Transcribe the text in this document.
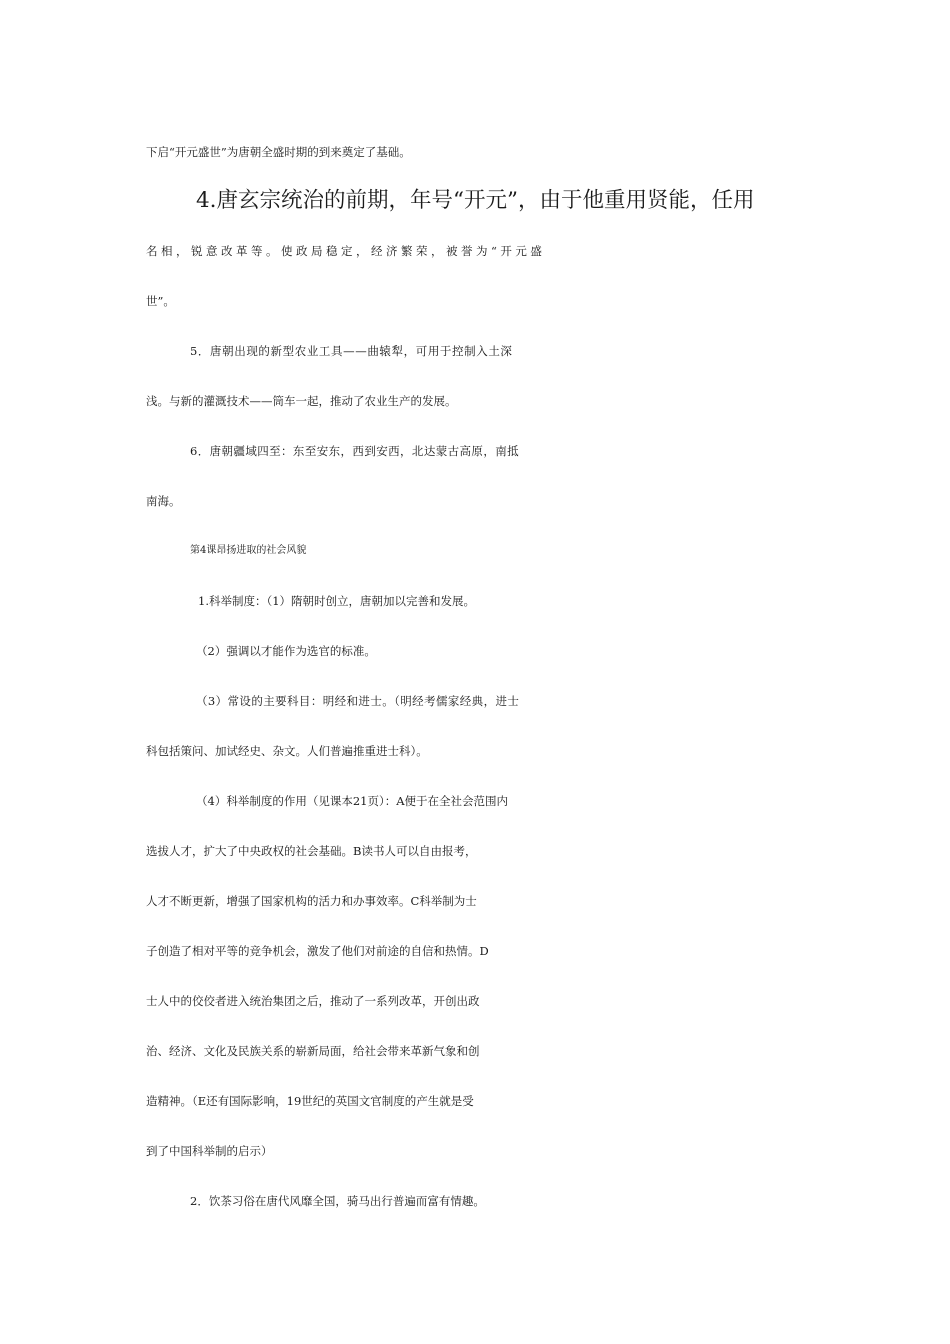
下启“开元盛世”为唐朝全盛时期的到来奠定了基础。
4.唐玄宗统治的前期，年号“开元”，由于他重用贤能，任用
名相，锐意改革等。使政局稳定，经济繁荣，被誉为“开元盛
世”。
5．唐朝出现的新型农业工具——曲辕犁，可用于控制入土深
浅。与新的灌溉技术——筒车一起，推动了农业生产的发展。
6．唐朝疆域四至：东至安东，西到安西，北达蒙古高原，南抵
南海。
第4课昂扬进取的社会风貌
1.科举制度：（1）隋朝时创立，唐朝加以完善和发展。
（2）强调以才能作为选官的标准。
（3）常设的主要科目：明经和进士。（明经考儒家经典，进士
科包括策问、加试经史、杂文。人们普遍推重进士科）。
（4）科举制度的作用（见课本21页）：A便于在全社会范围内
选拔人才，扩大了中央政权的社会基础。B读书人可以自由报考，
人才不断更新，增强了国家机构的活力和办事效率。C科举制为士
子创造了相对平等的竞争机会，激发了他们对前途的自信和热情。D
士人中的佼佼者进入统治集团之后，推动了一系列改革，开创出政
治、经济、文化及民族关系的崭新局面，给社会带来革新气象和创
造精神。（E还有国际影响，19世纪的英国文官制度的产生就是受
到了中国科举制的启示）
2．饮茶习俗在唐代风靡全国，骑马出行普遍而富有情趣。
